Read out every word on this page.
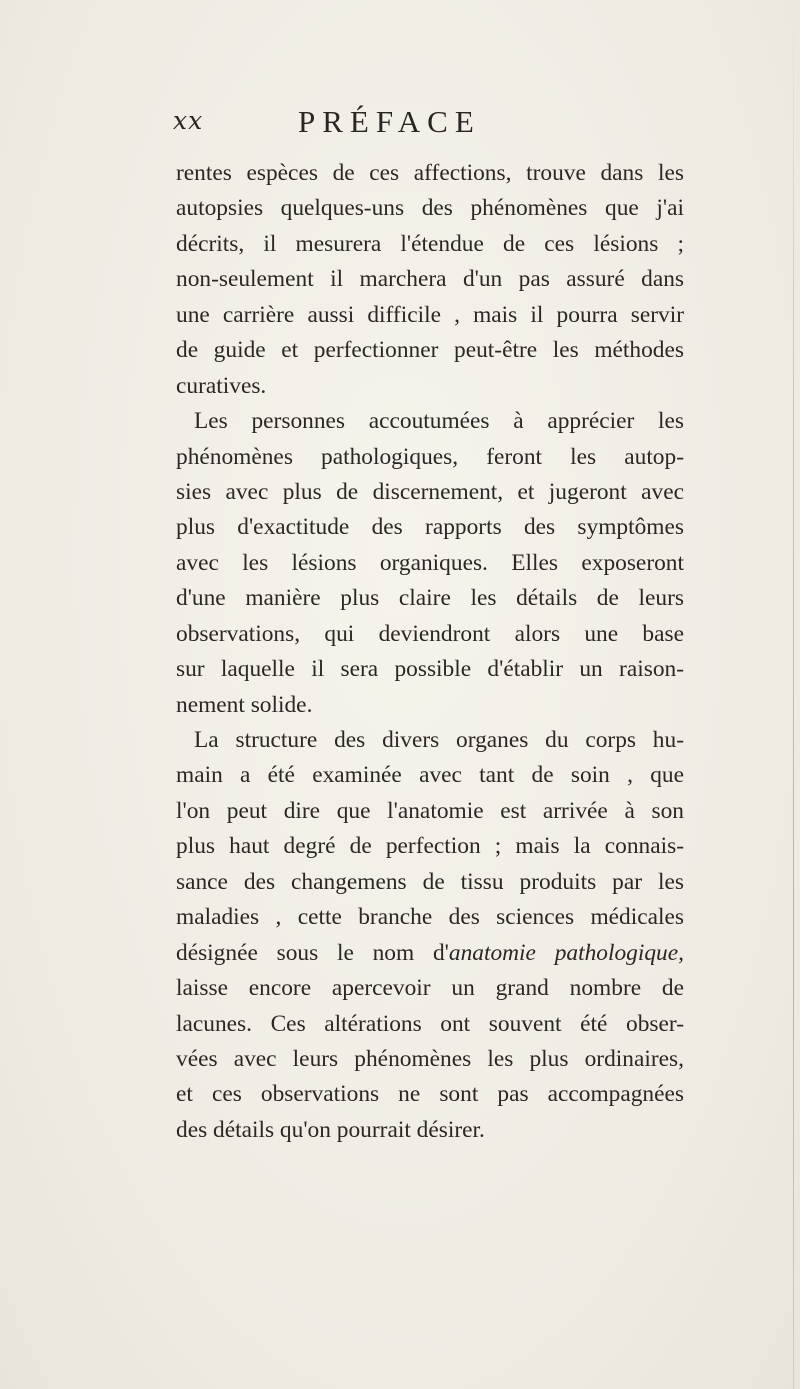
xx	PRÉFACE
rentes espèces de ces affections, trouve dans les
autopsies quelques-uns des phénomènes que j'ai
décrits, il mesurera l'étendue de ces lésions ;
non-seulement il marchera d'un pas assuré dans
une carrière aussi difficile , mais il pourra servir
de guide et perfectionner peut-être les méthodes
curatives.
Les personnes accoutumées à apprécier les
phénomènes pathologiques, feront les autop-
sies avec plus de discernement, et jugeront avec
plus d'exactitude des rapports des symptômes
avec les lésions organiques. Elles exposeront
d'une manière plus claire les détails de leurs
observations, qui deviendront alors une base
sur laquelle il sera possible d'établir un raison-
nement solide.
La structure des divers organes du corps hu-
main a été examinée avec tant de soin , que
l'on peut dire que l'anatomie est arrivée à son
plus haut degré de perfection ; mais la connais-
sance des changemens de tissu produits par les
maladies , cette branche des sciences médicales
désignée sous le nom d'anatomie pathologique,
laisse encore apercevoir un grand nombre de
lacunes. Ces altérations ont souvent été obser-
vées avec leurs phénomènes les plus ordinaires,
et ces observations ne sont pas accompagnées
des détails qu'on pourrait désirer.
